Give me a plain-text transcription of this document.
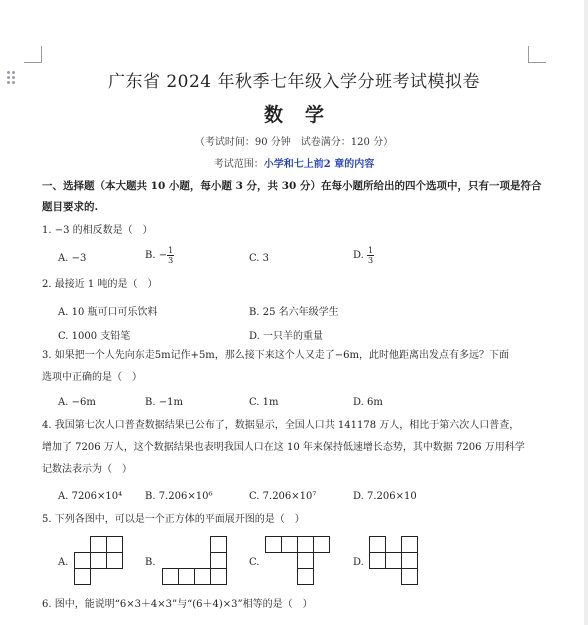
广东省 2024 年秋季七年级入学分班考试模拟卷
数学
（考试时间：90 分钟　试卷满分：120 分）
考试范围：小学和七上前2 章的内容
一、选择题（本大题共 10 小题，每小题 3 分，共 30 分）在每小题所给出的四个选项中，只有一项是符合
题目要求的.
1. −3 的相反数是（　）
A. −3	B. − $\frac{1}{3}$	C. 3	D. $\frac{1}{3}$
2. 最接近 1 吨的是（　）
A. 10 瓶可口可乐饮料	B. 25 名六年级学生
C. 1000 支铅笔	D. 一只羊的重量
3. 如果把一个人先向东走5m记作+5m，那么接下来这个人又走了−6m，此时他距离出发点有多远？下面
选项中正确的是（　）
A. −6m	B. −1m	C. 1m	D. 6m
4. 我国第七次人口普查数据结果已公布了，数据显示，全国人口共 141178 万人，相比于第六次人口普查，
增加了 7206 万人，这个数据结果也表明我国人口在这 10 年来保持低速增长态势，其中数据 7206 万用科学
记数法表示为（　）
A. 7206×10⁴ B. 7.206×10⁶	C. 7.206×10⁷	D. 7.206×10
5. 下列各图中，可以是一个正方体的平面展开图的是（　）
A.	B.	C.	D.
6. 图中，能说明“6×3＋4×3”与“(6＋4)×3”相等的是（　）
